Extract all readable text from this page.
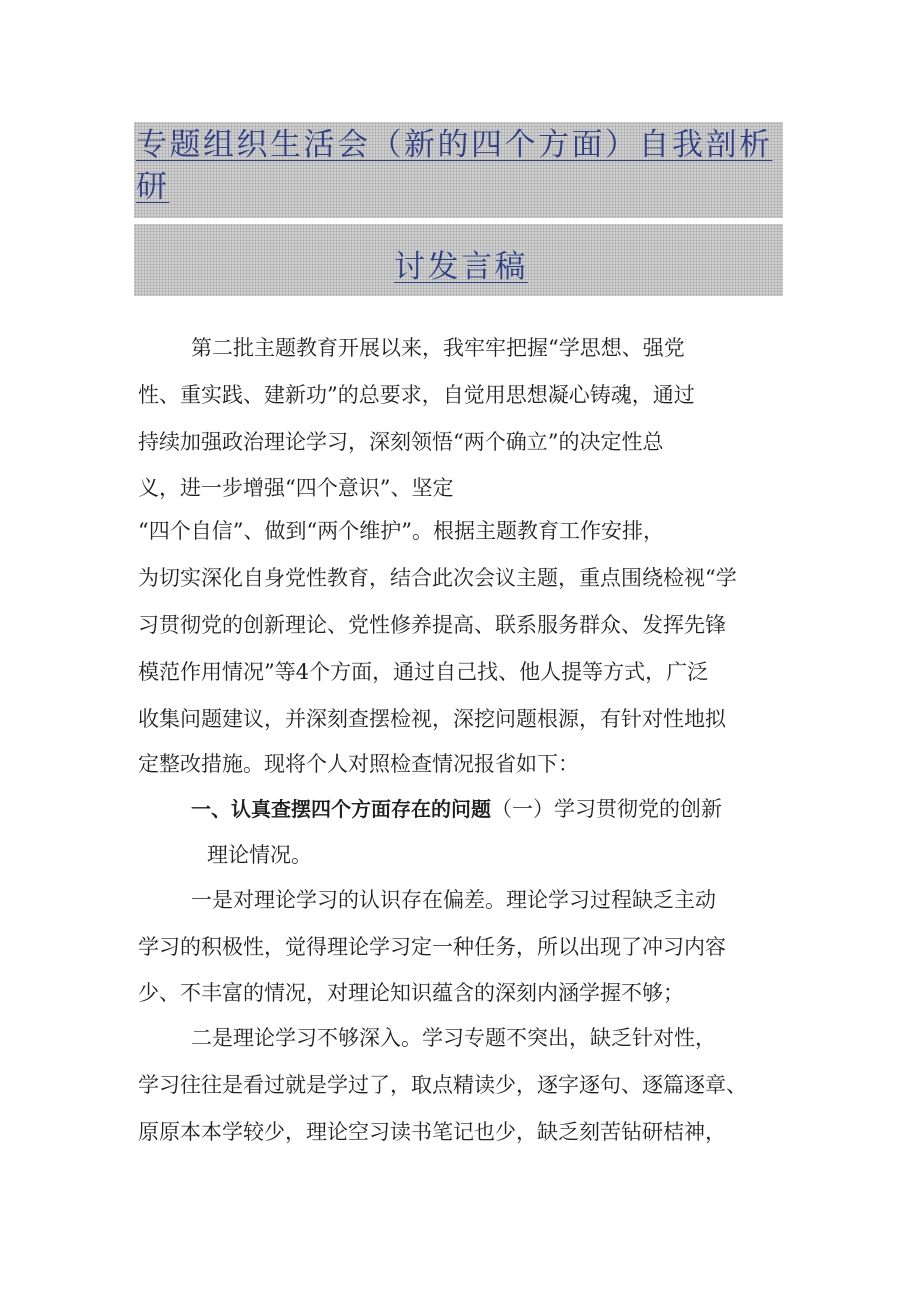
专题组织生活会（新的四个方面）自我剖析
研
讨发言稿
第二批主题教育开展以来，我牢牢把握“学思想、强党
性、重实践、建新功”的总要求，自觉用思想凝心铸魂，通过
持续加强政治理论学习，深刻领悟“两个确立”的决定性总
义，进一步增强“四个意识”、坚定
“四个自信”、做到“两个维护”。根据主题教育工作安排，
为切实深化自身党性教育，结合此次会议主题，重点围绕检视“学
习贯彻党的创新理论、党性修养提高、联系服务群众、发挥先锋
模范作用情况”等4个方面，通过自己找、他人提等方式，广泛
收集问题建议，并深刻查摆检视，深挖问题根源，有针对性地拟
定整改措施。现将个人对照检查情况报省如下：
一、认真查摆四个方面存在的问题（一）学习贯彻党的创新
理论情况。
一是对理论学习的认识存在偏差。理论学习过程缺乏主动
学习的积极性，觉得理论学习定一种任务，所以出现了冲习内容
少、不丰富的情况，对理论知识蕴含的深刻内涵学握不够；
二是理论学习不够深入。学习专题不突出，缺乏针对性，
学习往往是看过就是学过了，取点精读少，逐字逐句、逐篇逐章、
原原本本学较少，理论空习读书笔记也少，缺乏刻苦钻研桔神，
